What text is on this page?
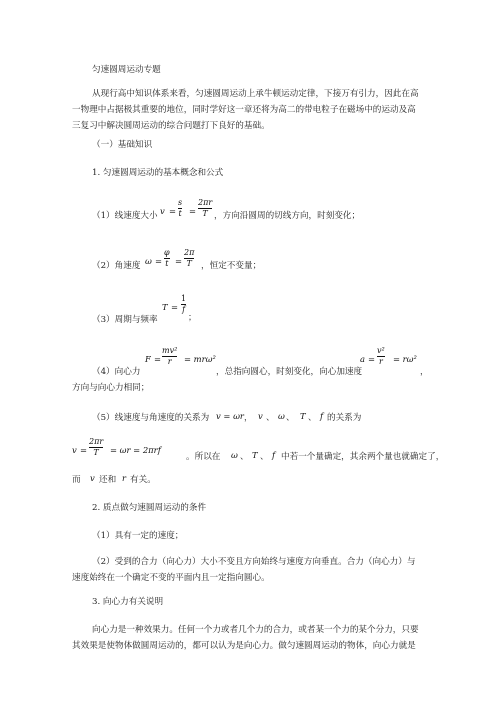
匀速圆周运动专题
从现行高中知识体系来看，匀速圆周运动上承牛顿运动定律，下接万有引力，因此在高一物理中占据极其重要的地位，同时学好这一章还将为高二的带电粒子在磁场中的运动及高三复习中解决圆周运动的综合问题打下良好的基础。
（一）基础知识
1. 匀速圆周运动的基本概念和公式
（1）线速度大小 v =
s
t =
2πr
T ，方向沿圆周的切线方向，时刻变化；
（2）角速度 ω =
φ
t =
2π
T ，恒定不变量；
（3）周期与频率
T =
1
f
；
（4）向心力
F =
mv²
r = mrω²
，总指向圆心，时刻变化，向心加速度
a =
v²
r = rω²
，
方向与向心力相同；
（5）线速度与角速度的关系为 v = ωr ， v 、 ω 、 T 、 f 的关系为
v =
2πr
T = ωr = 2πrf
。所以在 ω 、 T 、 f 中若一个量确定，其余两个量也就确定了，
而 v 还和 r 有关。
2. 质点做匀速圆周运动的条件
（1）具有一定的速度；
（2）受到的合力（向心力）大小不变且方向始终与速度方向垂直。合力（向心力）与速度始终在一个确定不变的平面内且一定指向圆心。
3. 向心力有关说明
向心力是一种效果力。任何一个力或者几个力的合力，或者某一个力的某个分力，只要其效果是使物体做圆周运动的，都可以认为是向心力。做匀速圆周运动的物体，向心力就是
